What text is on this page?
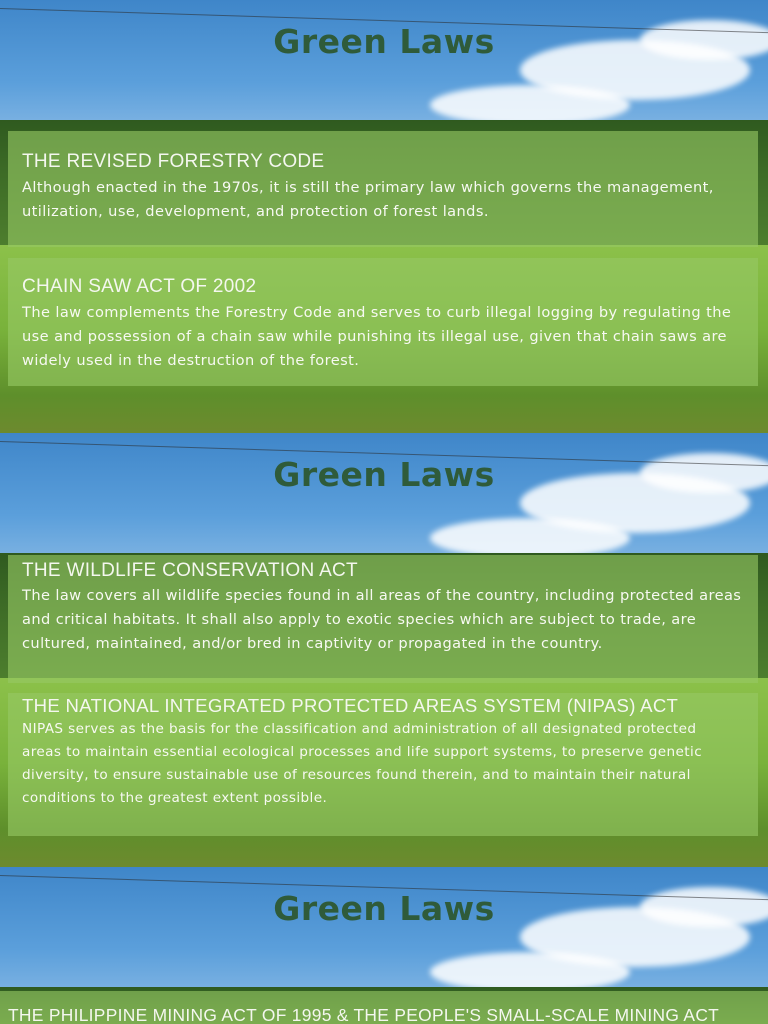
Green Laws
THE REVISED FORESTRY CODE

Although enacted in the 1970s, it is still the primary law which governs the management, utilization, use, development, and protection of forest lands.

CHAIN SAW ACT OF 2002

The law complements the Forestry Code and serves to curb illegal logging by regulating the use and possession of a chain saw while punishing its illegal use, given that chain saws are widely used in the destruction of the forest.

Green Laws
THE WILDLIFE CONSERVATION ACT

The law covers all wildlife species found in all areas of the country, including protected areas and critical habitats. It shall also apply to exotic species which are subject to trade, are cultured, maintained, and/or bred in captivity or propagated in the country.

THE NATIONAL INTEGRATED PROTECTED AREAS SYSTEM (NIPAS) ACT

NIPAS serves as the basis for the classification and administration of all designated protected areas to maintain essential ecological processes and life support systems, to preserve genetic diversity, to ensure sustainable use of resources found therein, and to maintain their natural conditions to the greatest extent possible.

Green Laws
THE PHILIPPINE MINING ACT OF 1995 & THE PEOPLE'S SMALL-SCALE MINING ACT
